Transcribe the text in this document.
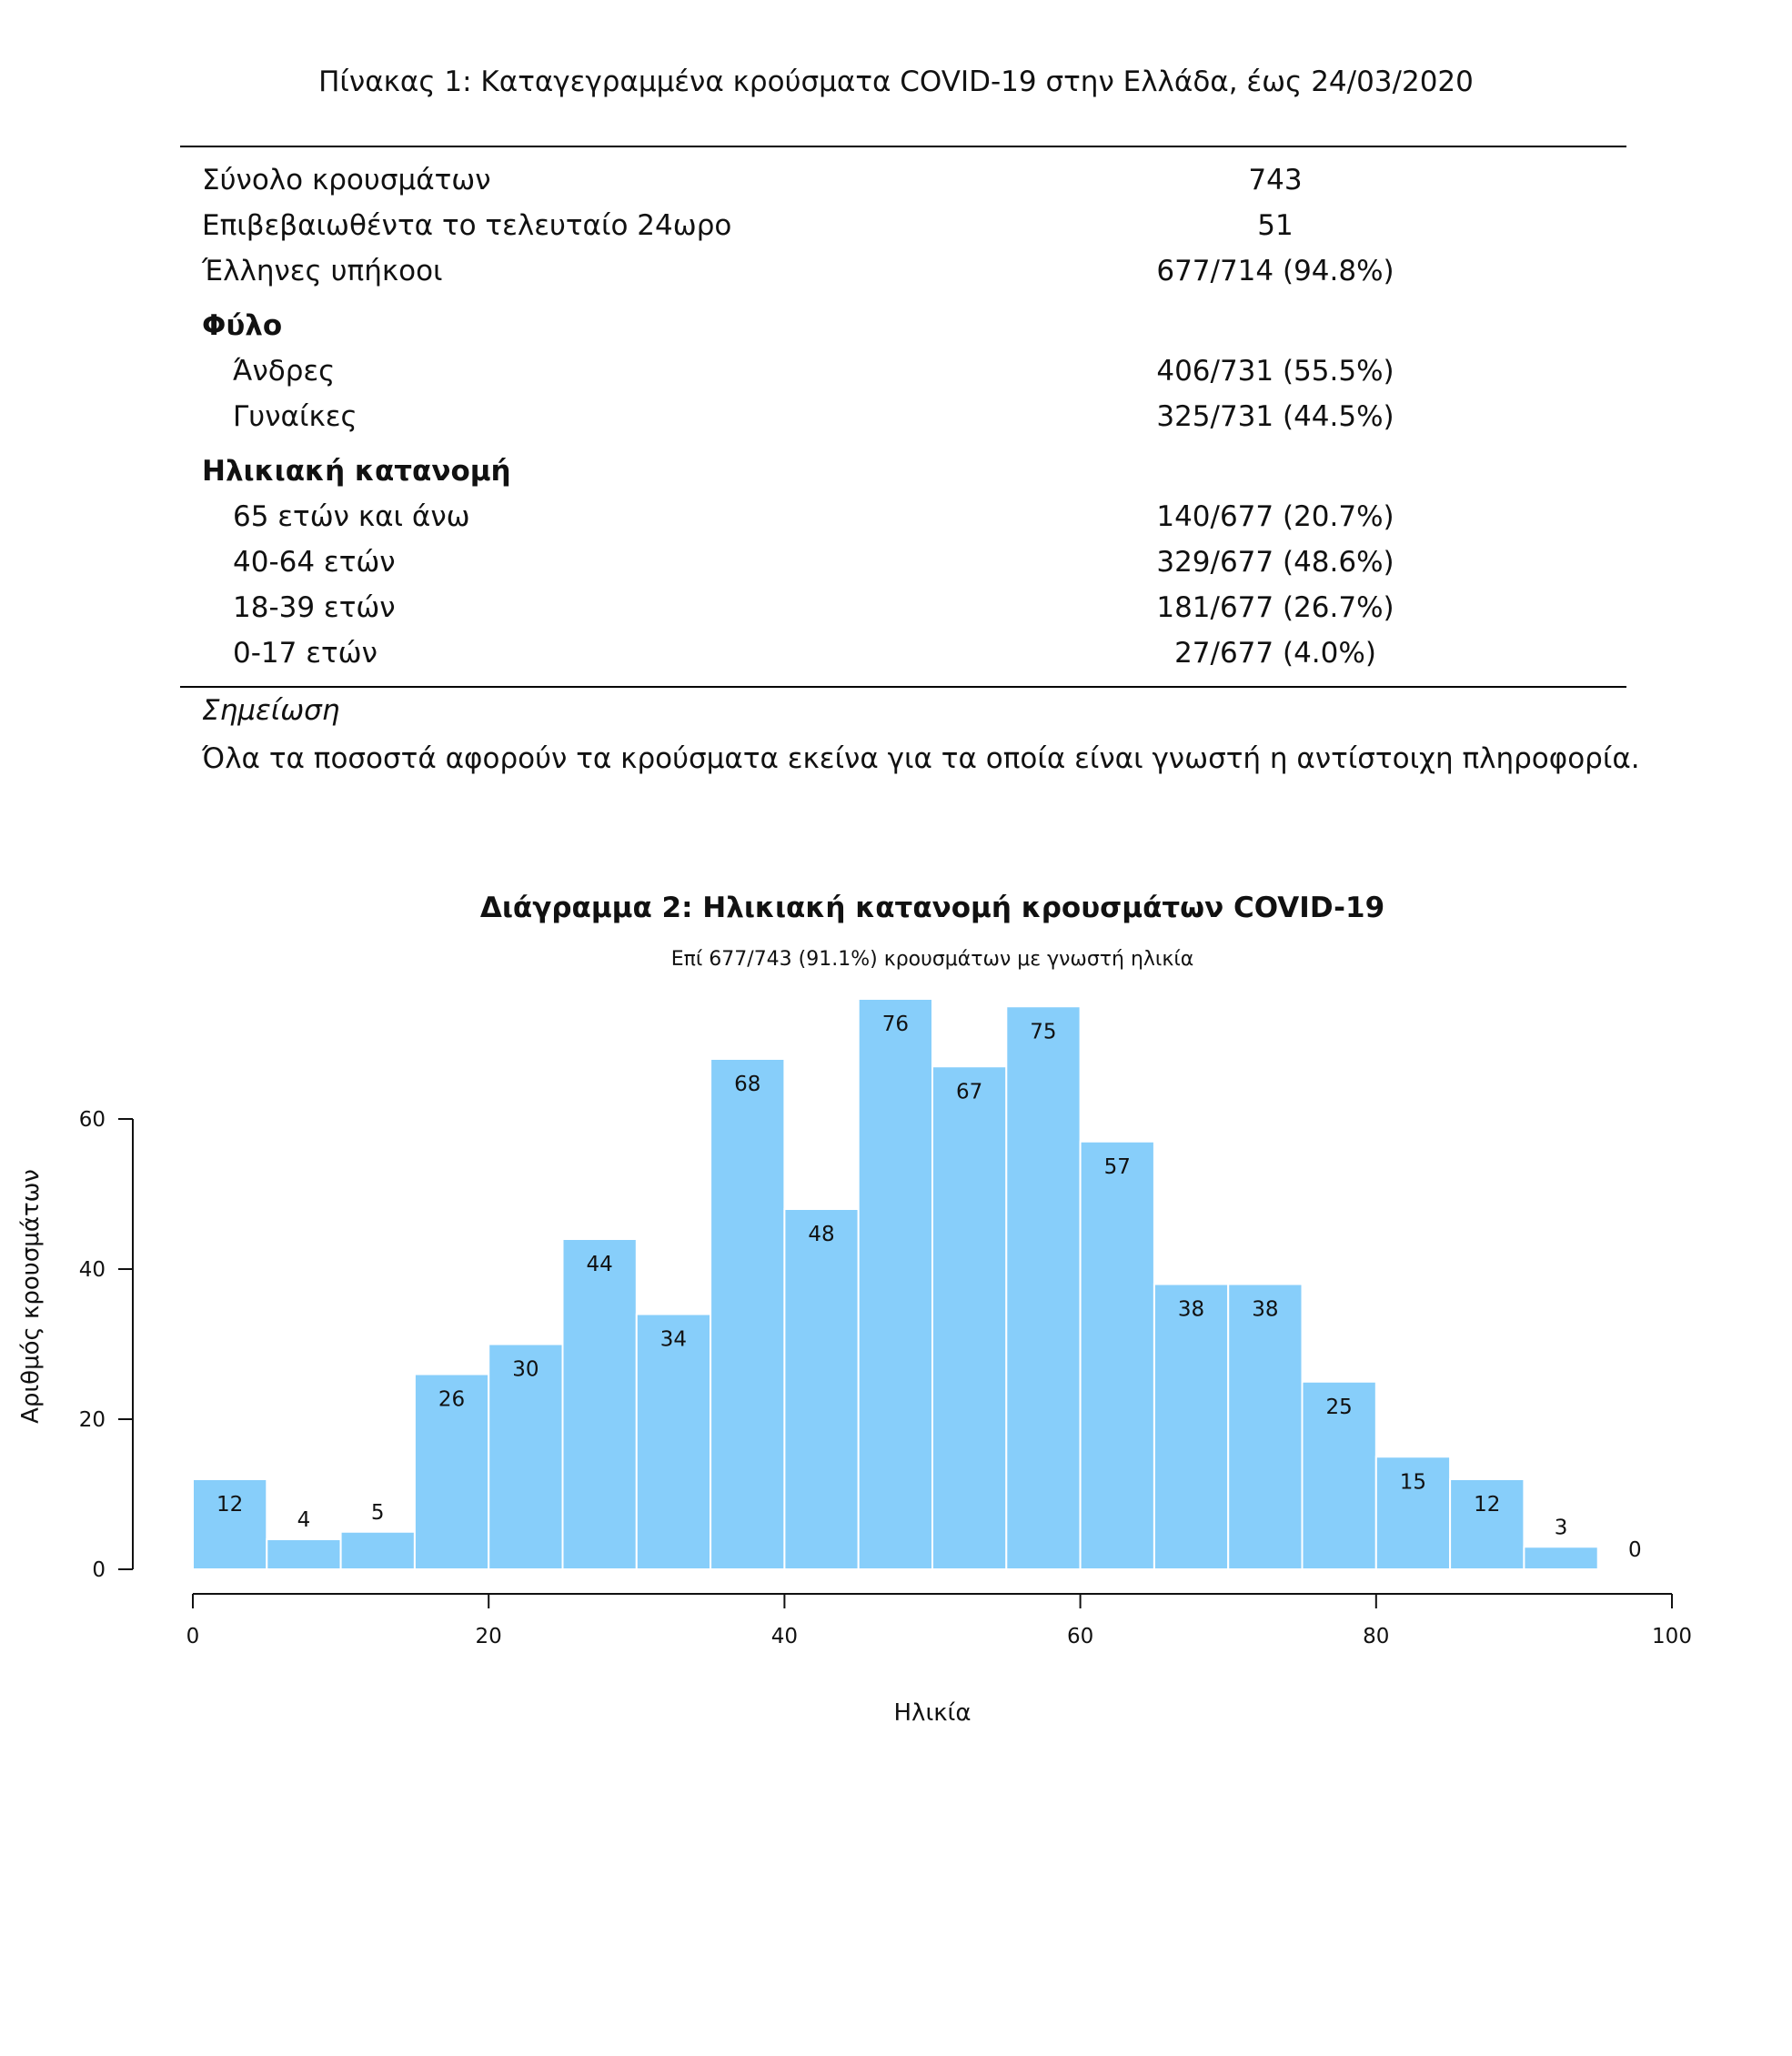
Πίνακας 1: Καταγεγραμμένα κρούσματα COVID-19 στην Ελλάδα, έως 24/03/2020
Σύνολο κρουσμάτων	743
Επιβεβαιωθέντα το τελευταίο 24ωρο	51
Έλληνες υπήκοοι	677/714 (94.8%)
Φύλο
Άνδρες	406/731 (55.5%)
Γυναίκες	325/731 (44.5%)
Ηλικιακή κατανομή
65 ετών και άνω	140/677 (20.7%)
40-64 ετών	329/677 (48.6%)
18-39 ετών	181/677 (26.7%)
0-17 ετών	27/677 (4.0%)
Σημείωση
Όλα τα ποσοστά αφορούν τα κρούσματα εκείνα για τα οποία είναι γνωστή η αντίστοιχη πληροφορία.
Διάγραμμα 2: Ηλικιακή κατανομή κρουσμάτων COVID-19
Επί 677/743 (91.1%) κρουσμάτων με γνωστή ηλικία
12
4	5
26
30
44
34
68
48
76
67
75
57
38 38
25
15
12
3
0
0
20
40
60
0	20	40	60	80	100
Ηλικία
Αριθμός κρουσμάτων
